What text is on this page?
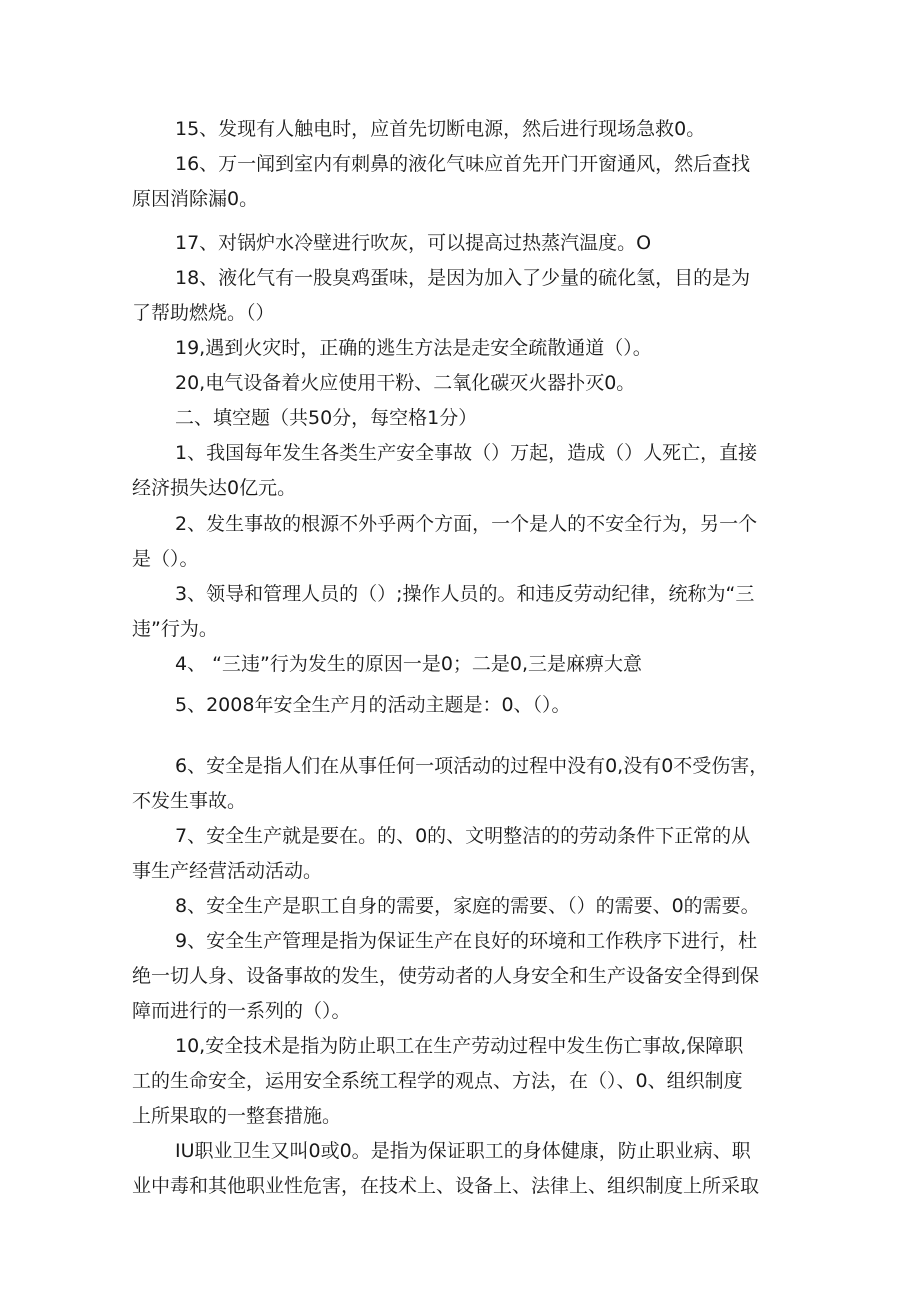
15、发现有人触电时，应首先切断电源，然后进行现场急救0。
16、万一闻到室内有刺鼻的液化气味应首先开门开窗通风，然后查找
原因消除漏0。
17、对锅炉水冷壁进行吹灰，可以提高过热蒸汽温度。O
18、液化气有一股臭鸡蛋味，是因为加入了少量的硫化氢，目的是为
了帮助燃烧。（）
19,遇到火灾时，正确的逃生方法是走安全疏散通道（）。
20,电气设备着火应使用干粉、二氧化碳灭火器扑灭0。
二、填空题（共50分，每空格1分）
1、我国每年发生各类生产安全事故（）万起，造成（）人死亡，直接
经济损失达0亿元。
2、发生事故的根源不外乎两个方面，一个是人的不安全行为，另一个
是（）。
3、领导和管理人员的（）;操作人员的。和违反劳动纪律，统称为“三
违”行为。
4、 “三违”行为发生的原因一是0；二是0,三是麻痹大意
5、2008年安全生产月的活动主题是：0、（）。
6、安全是指人们在从事任何一项活动的过程中没有0,没有0不受伤害，
不发生事故。
7、安全生产就是要在。的、0的、文明整洁的的劳动条件下正常的从
事生产经营活动活动。
8、安全生产是职工自身的需要，家庭的需要、（）的需要、0的需要。
9、安全生产管理是指为保证生产在良好的环境和工作秩序下进行，杜
绝一切人身、设备事故的发生，使劳动者的人身安全和生产设备安全得到保
障而进行的一系列的（）。
10,安全技术是指为防止职工在生产劳动过程中发生伤亡事故,保障职
工的生命安全，运用安全系统工程学的观点、方法，在（）、0、组织制度
上所果取的一整套措施。
IU职业卫生又叫0或0。是指为保证职工的身体健康，防止职业病、职
业中毒和其他职业性危害，在技术上、设备上、法律上、组织制度上所采取
